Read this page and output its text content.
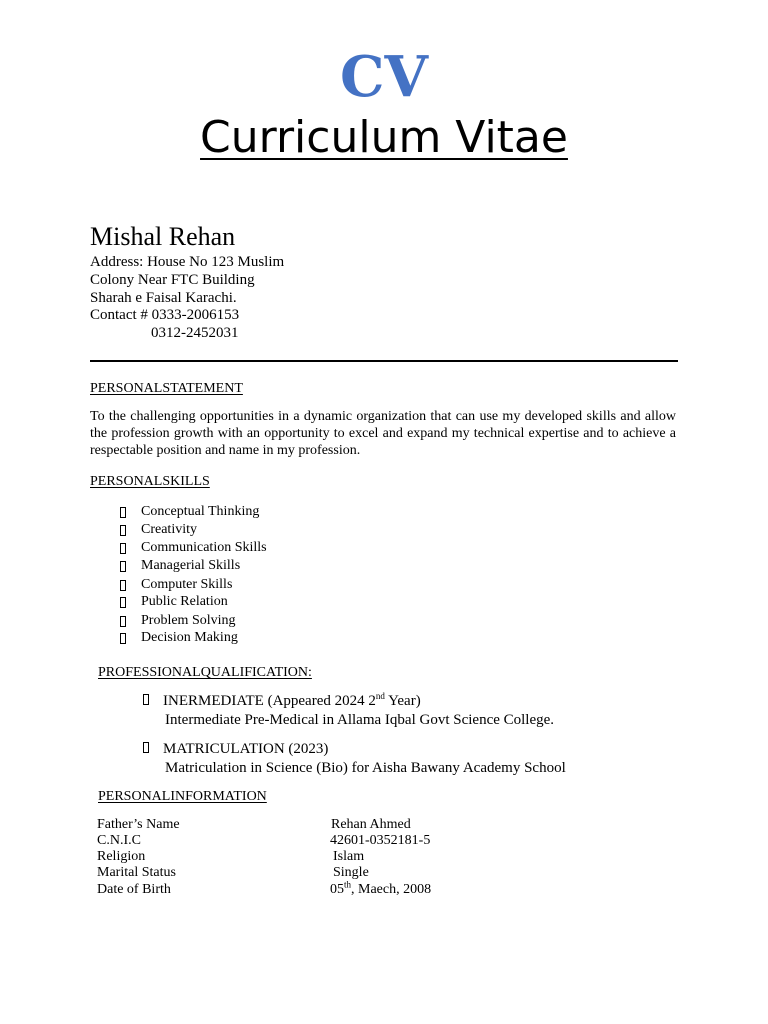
CV
Curriculum Vitae
Mishal Rehan
Address: House No 123 Muslim
Colony Near FTC Building
Sharah e Faisal Karachi.
Contact # 0333-2006153
0312-2452031
PERSONALSTATEMENT
To the challenging opportunities in a dynamic organization that can use my developed skills and allow the profession growth with an opportunity to excel and expand my technical expertise and to achieve a respectable position and name in my profession.
PERSONALSKILLS
Conceptual Thinking
Creativity
Communication Skills
Managerial Skills
Computer Skills
Public Relation
Problem Solving
Decision Making
PROFESSIONALQUALIFICATION:
INERMEDIATE (Appeared 2024 2nd Year)
Intermediate Pre-Medical in Allama Iqbal Govt Science College.
MATRICULATION (2023)
Matriculation in Science (Bio) for Aisha Bawany Academy School
PERSONALINFORMATION
Father’s Name	Rehan Ahmed
C.N.I.C	42601-0352181-5
Religion	Islam
Marital Status	Single
Date of Birth	05th, Maech, 2008
